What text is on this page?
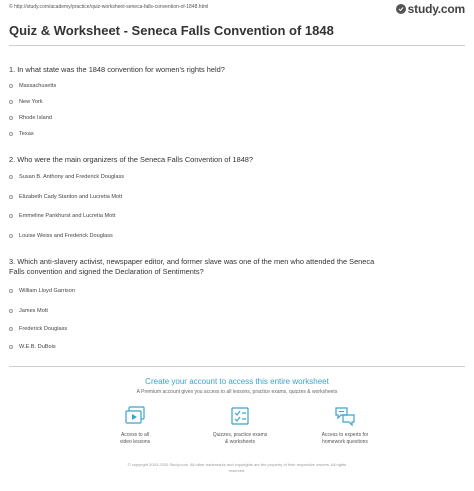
© http://study.com/academy/practice/quiz-worksheet-seneca-falls-convention-of-1848.html	study.com
Quiz & Worksheet - Seneca Falls Convention of 1848
1. In what state was the 1848 convention for women's rights held?
Massachusetts
New York
Rhode Island
Texas
2. Who were the main organizers of the Seneca Falls Convention of 1848?
Susan B. Anthony and Frederick Douglass
Elizabeth Cady Stanton and Lucretia Mott
Emmeline Pankhurst and Lucretia Mott
Louise Weiss and Frederick Douglass
3. Which anti-slavery activist, newspaper editor, and former slave was one of the men who attended the Seneca
Falls convention and signed the Declaration of Sentiments?
William Lloyd Garrison
James Mott
Frederick Douglass
W.E.B. DuBois
Create your account to access this entire worksheet
A Premium account gives you access to all lessons, practice exams, quizzes & worksheets
Access to all
video lessons
Quizzes, practice exams
& worksheets
Access to experts for
homework questions
© copyright 2003-2020 Study.com. All other trademarks and copyrights are the property of their respective owners. All rights
reserved.
